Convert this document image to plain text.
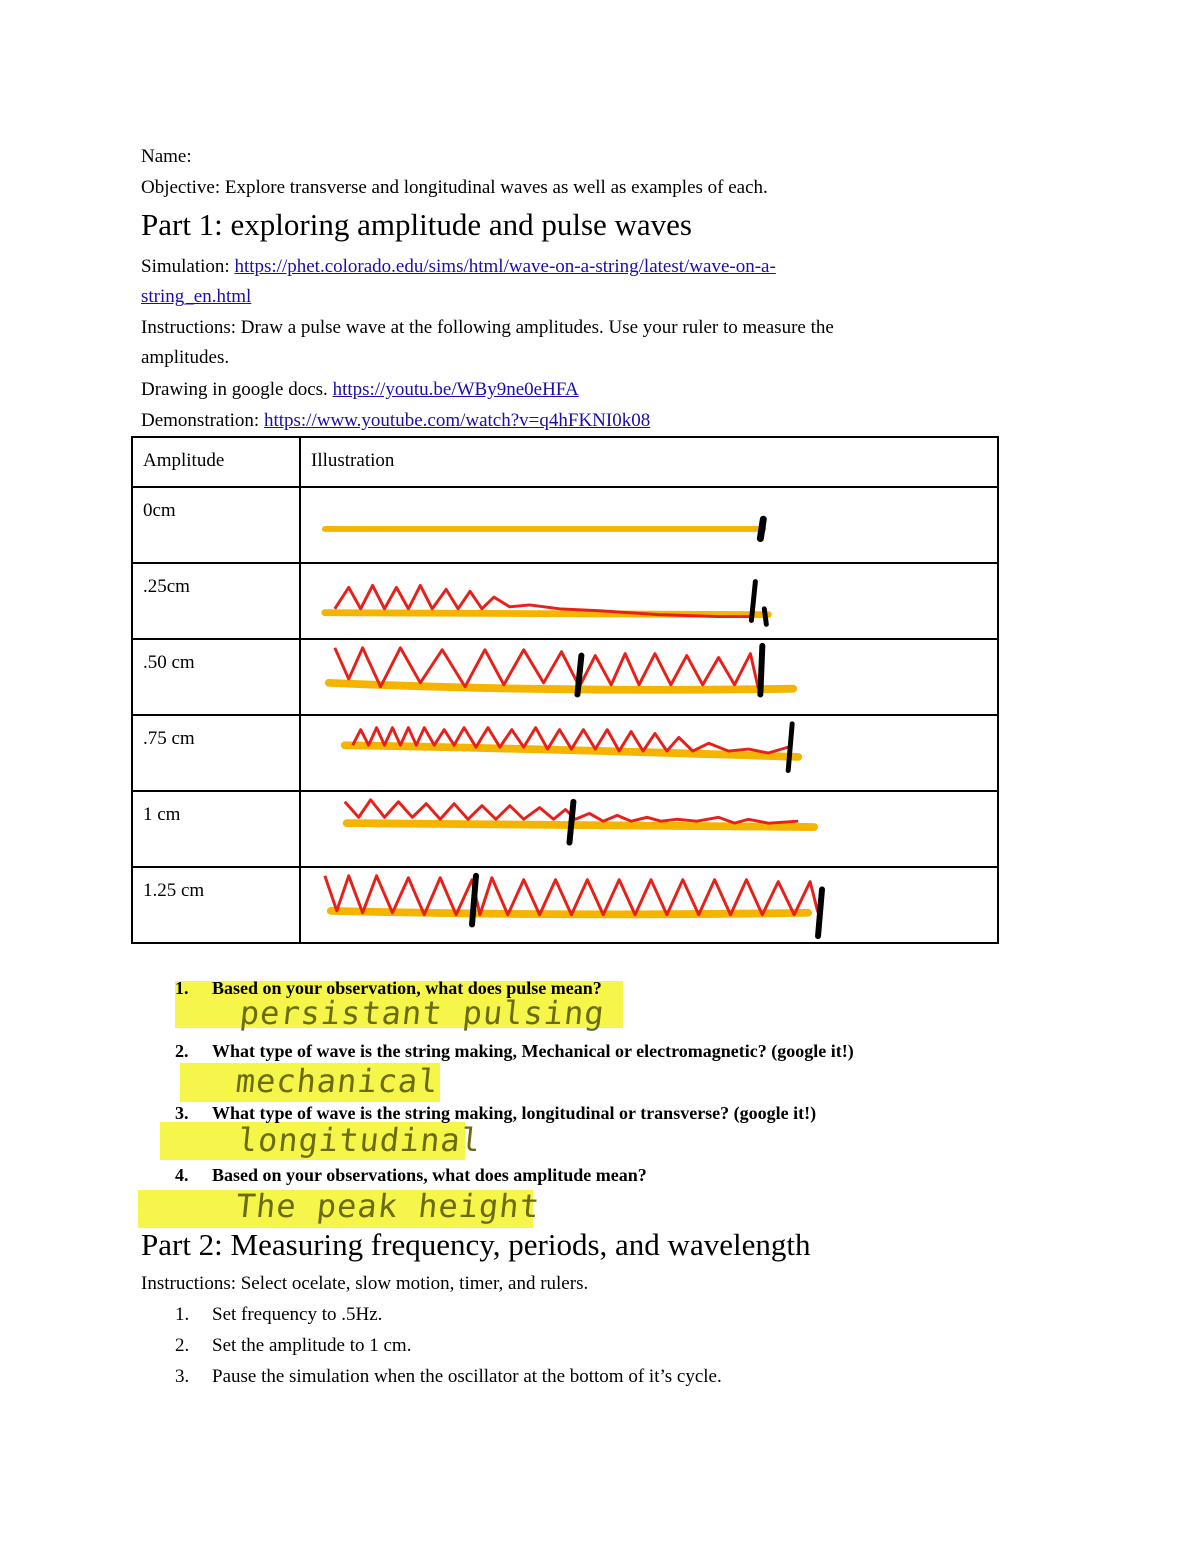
Name:
Objective: Explore transverse and longitudinal waves as well as examples of each.
Part 1: exploring amplitude and pulse waves
Simulation: https://phet.colorado.edu/sims/html/wave-on-a-string/latest/wave-on-a-
string_en.html
Instructions: Draw a pulse wave at the following amplitudes. Use your ruler to measure the
amplitudes.
Drawing in google docs. https://youtu.be/WBy9ne0eHFA
Demonstration: https://www.youtube.com/watch?v=q4hFKNI0k08
Amplitude	Illustration
0cm	

.25cm	

.50 cm	

.75 cm	

1 cm	

1.25 cm	
1. Based on your observation, what does pulse mean?
persistant pulsing
2. What type of wave is the string making, Mechanical or electromagnetic? (google it!)
mechanical
3. What type of wave is the string making, longitudinal or transverse? (google it!)
longitudinal
4. Based on your observations, what does amplitude mean?
The peak height
Part 2: Measuring frequency, periods, and wavelength
Instructions: Select ocelate, slow motion, timer, and rulers.
1. Set frequency to .5Hz.
2. Set the amplitude to 1 cm.
3. Pause the simulation when the oscillator at the bottom of it’s cycle.
